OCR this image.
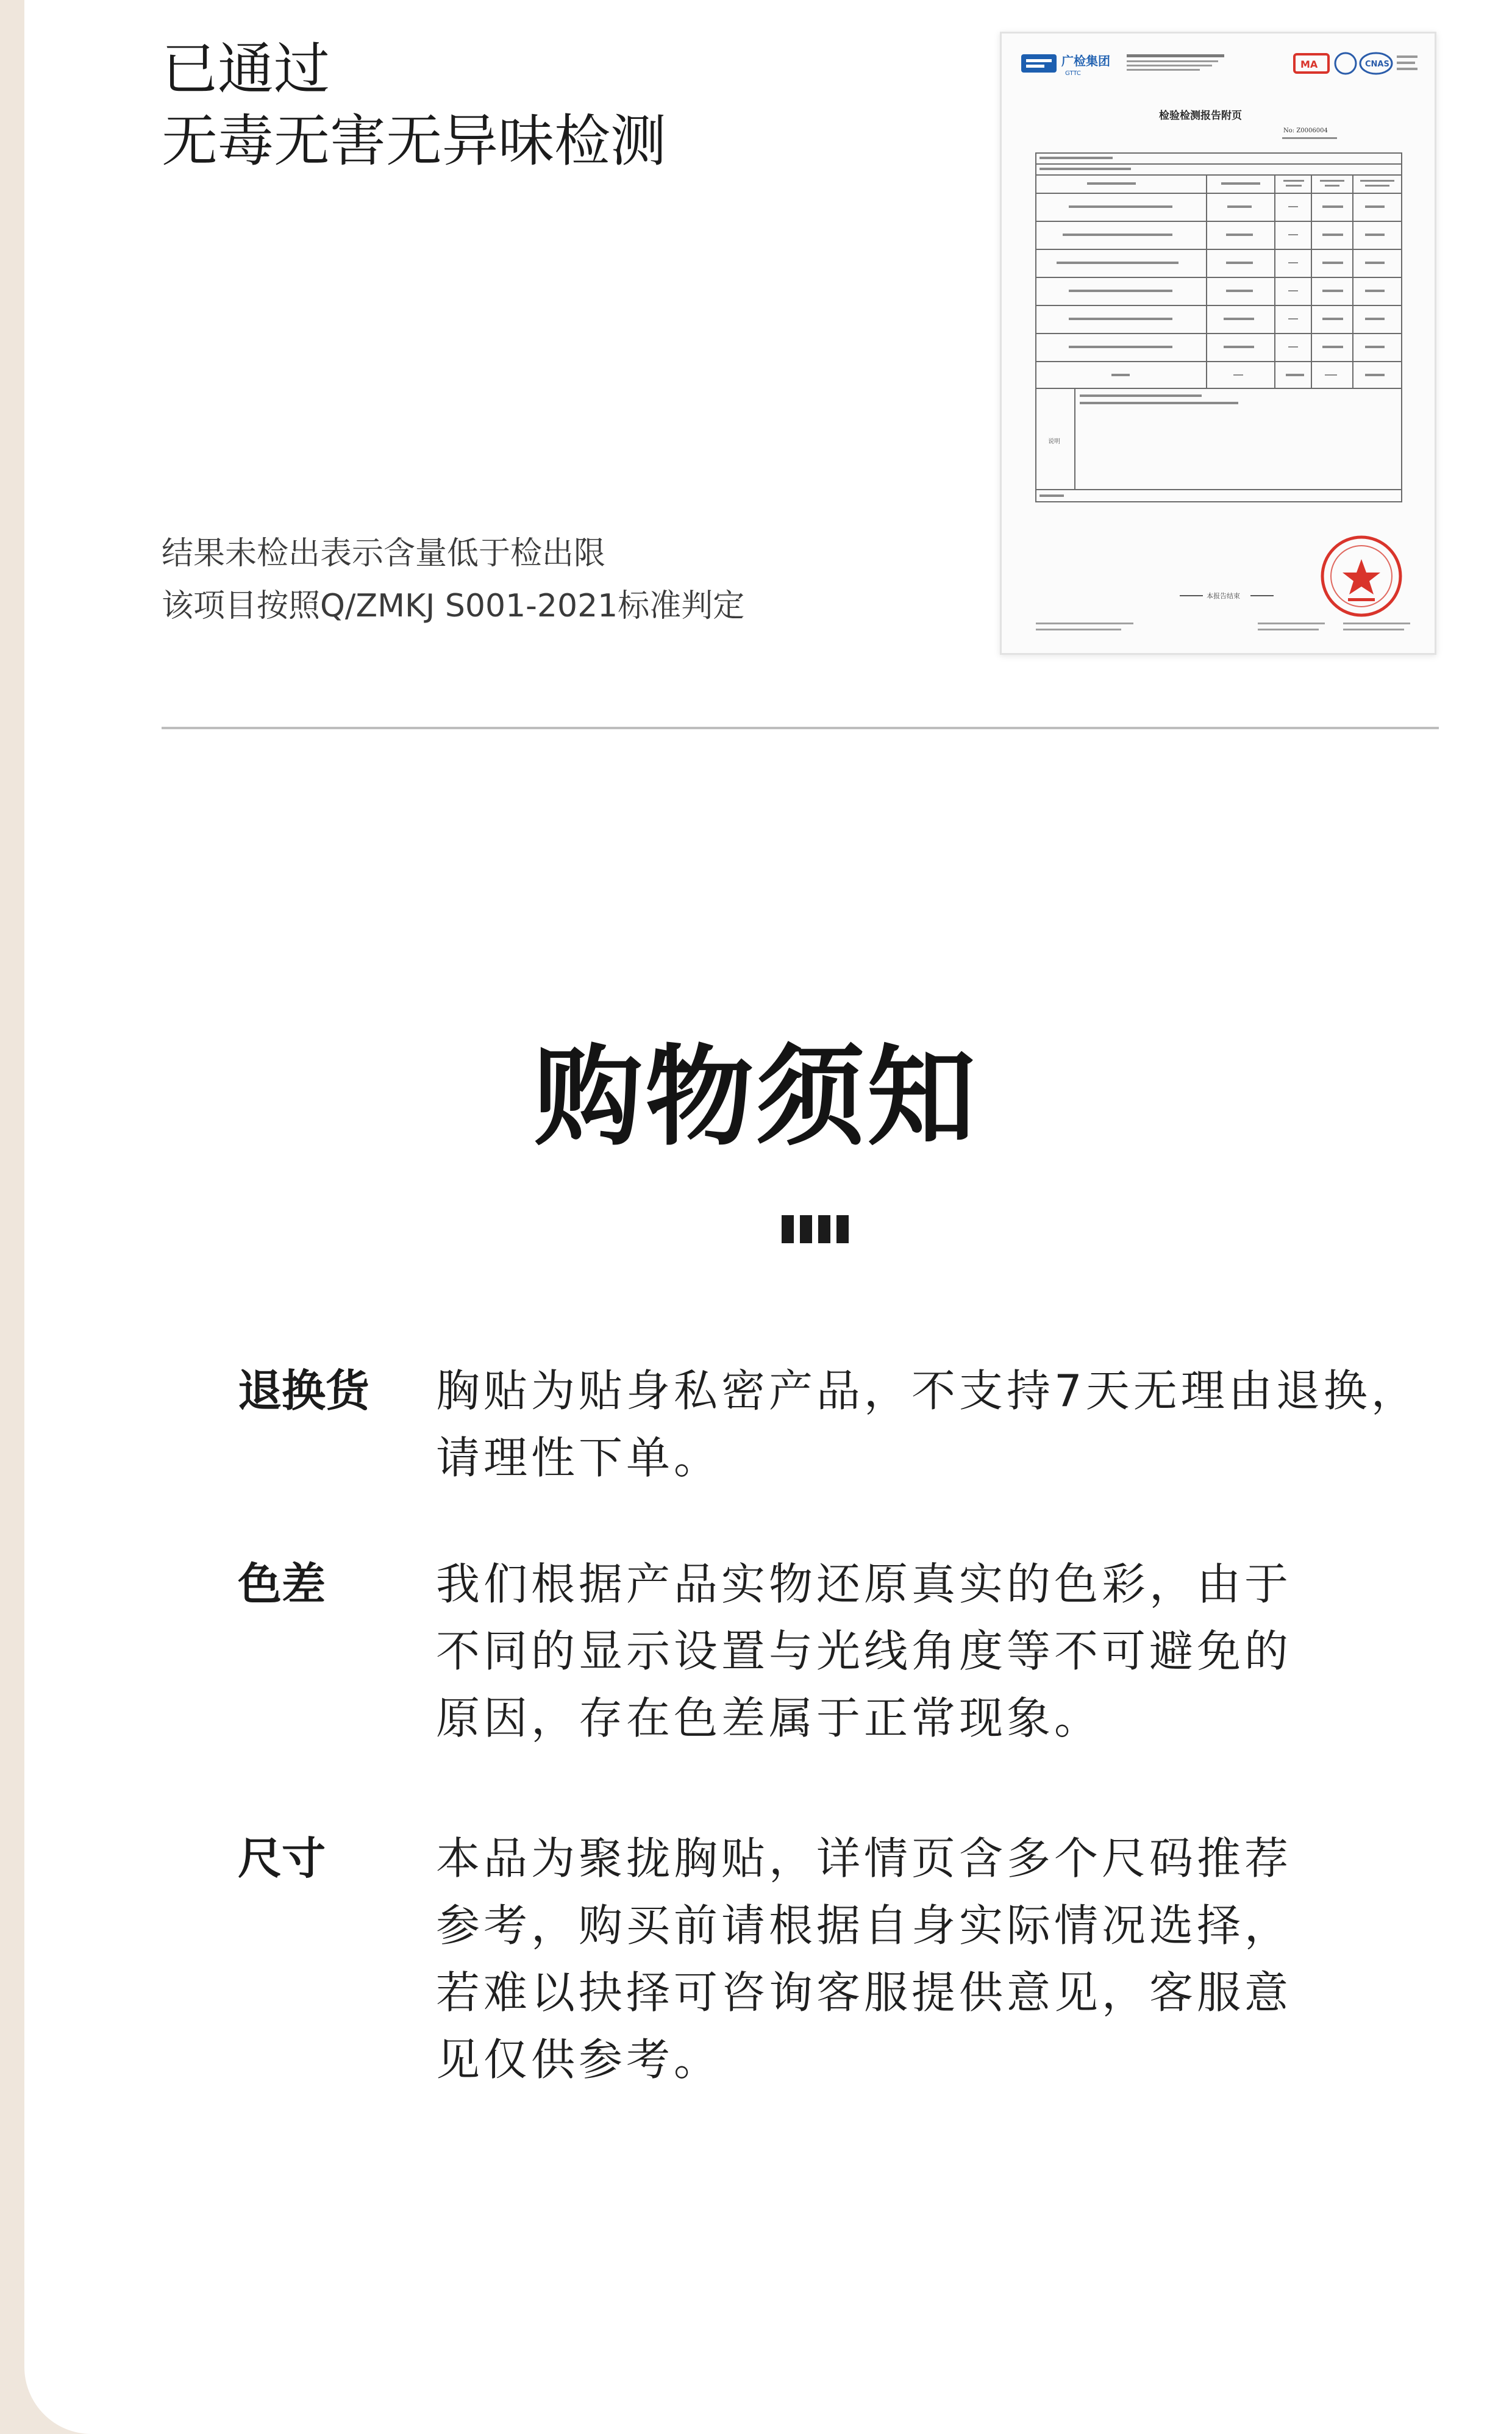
已通过
无毒无害无异味检测
结果未检出表示含量低于检出限
该项目按照Q/ZMKJ S001-2021标准判定
广检集团
GTTC
MA	CNAS
检验检测报告附页
No: Z0006004
说明
本报告结束
购物须知
退换货 胸贴为贴身私密产品，不支持7天无理由退换，
请理性下单。
色差	我们根据产品实物还原真实的色彩，由于
不同的显示设置与光线角度等不可避免的
原因，存在色差属于正常现象。
尺寸	本品为聚拢胸贴，详情页含多个尺码推荐
参考，购买前请根据自身实际情况选择，
若难以抉择可咨询客服提供意见，客服意
见仅供参考。
